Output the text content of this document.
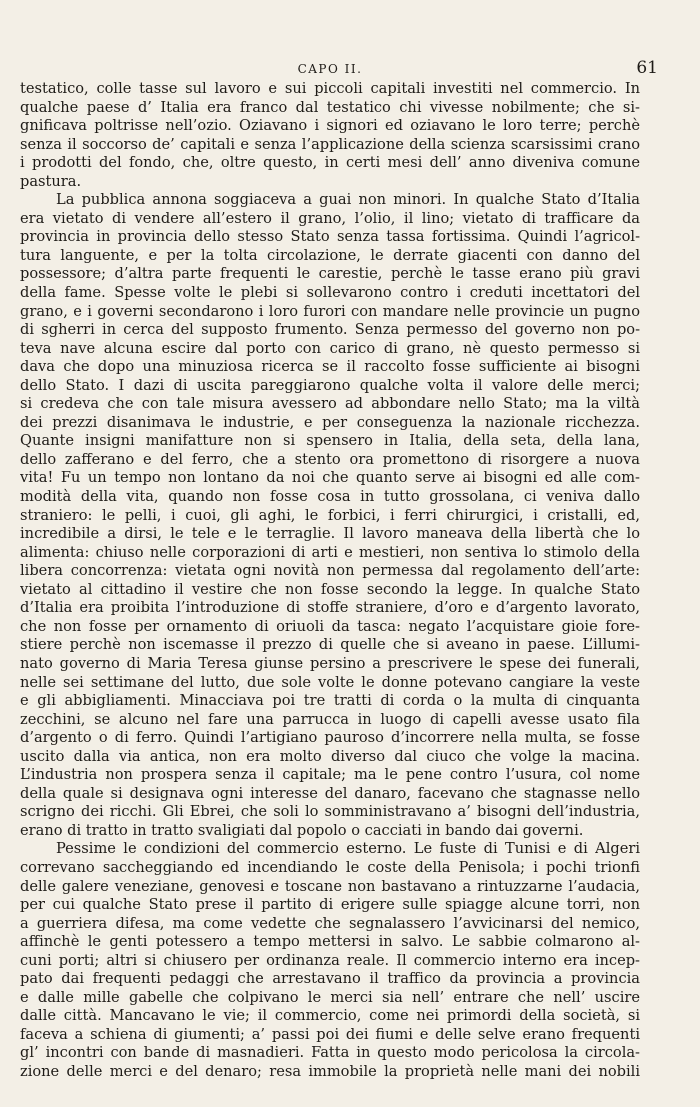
CAPO II.	61
testatico, colle tasse sul lavoro e sui piccoli capitali investiti nel commercio. In
qualche paese d’ Italia era franco dal testatico chi vivesse nobilmente; che si-
gnificava poltrisse nell’ozio. Oziavano i signori ed oziavano le loro terre; perchè
senza il soccorso de’ capitali e senza l’applicazione della scienza scarsissimi crano
i prodotti del fondo, che, oltre questo, in certi mesi dell’ anno diveniva comune
pastura.
La pubblica annona soggiaceva a guai non minori. In qualche Stato d’Italia
era vietato di vendere all’estero il grano, l’olio, il lino; vietato di trafficare da
provincia in provincia dello stesso Stato senza tassa fortissima. Quindi l’agricol-
tura languente, e per la tolta circolazione, le derrate giacenti con danno del
possessore; d’altra parte frequenti le carestie, perchè le tasse erano più gravi
della fame. Spesse volte le plebi si sollevarono contro i creduti incettatori del
grano, e i governi secondarono i loro furori con mandare nelle provincie un pugno
di sgherri in cerca del supposto frumento. Senza permesso del governo non po-
teva nave alcuna escire dal porto con carico di grano, nè questo permesso si
dava che dopo una minuziosa ricerca se il raccolto fosse sufficiente ai bisogni
dello Stato. I dazi di uscita pareggiarono qualche volta il valore delle merci;
si credeva che con tale misura avessero ad abbondare nello Stato; ma la viltà
dei prezzi disanimava le industrie, e per conseguenza la nazionale ricchezza.
Quante insigni manifatture non si spensero in Italia, della seta, della lana,
dello zafferano e del ferro, che a stento ora promettono di risorgere a nuova
vita! Fu un tempo non lontano da noi che quanto serve ai bisogni ed alle com-
modità della vita, quando non fosse cosa in tutto grossolana, ci veniva dallo
straniero: le pelli, i cuoi, gli aghi, le forbici, i ferri chirurgici, i cristalli, ed,
incredibile a dirsi, le tele e le terraglie. Il lavoro maneava della libertà che lo
alimenta: chiuso nelle corporazioni di arti e mestieri, non sentiva lo stimolo della
libera concorrenza: vietata ogni novità non permessa dal regolamento dell’arte:
vietato al cittadino il vestire che non fosse secondo la legge. In qualche Stato
d’Italia era proibita l’introduzione di stoffe straniere, d’oro e d’argento lavorato,
che non fosse per ornamento di oriuoli da tasca: negato l’acquistare gioie fore-
stiere perchè non iscemasse il prezzo di quelle che si aveano in paese. L’illumi-
nato governo di Maria Teresa giunse persino a prescrivere le spese dei funerali,
nelle sei settimane del lutto, due sole volte le donne potevano cangiare la veste
e gli abbigliamenti. Minacciava poi tre tratti di corda o la multa di cinquanta
zecchini, se alcuno nel fare una parrucca in luogo di capelli avesse usato fila
d’argento o di ferro. Quindi l’artigiano pauroso d’incorrere nella multa, se fosse
uscito dalla via antica, non era molto diverso dal ciuco che volge la macina.
L’industria non prospera senza il capitale; ma le pene contro l’usura, col nome
della quale si designava ogni interesse del danaro, facevano che stagnasse nello
scrigno dei ricchi. Gli Ebrei, che soli lo somministravano a’ bisogni dell’industria,
erano di tratto in tratto svaligiati dal popolo o cacciati in bando dai governi.
Pessime le condizioni del commercio esterno. Le fuste di Tunisi e di Algeri
correvano saccheggiando ed incendiando le coste della Penisola; i pochi trionfi
delle galere veneziane, genovesi e toscane non bastavano a rintuzzarne l’audacia,
per cui qualche Stato prese il partito di erigere sulle spiagge alcune torri, non
a guerriera difesa, ma come vedette che segnalassero l’avvicinarsi del nemico,
affinchè le genti potessero a tempo mettersi in salvo. Le sabbie colmarono al-
cuni porti; altri si chiusero per ordinanza reale. Il commercio interno era incep-
pato dai frequenti pedaggi che arrestavano il traffico da provincia a provincia
e dalle mille gabelle che colpivano le merci sia nell’ entrare che nell’ uscire
dalle città. Mancavano le vie; il commercio, come nei primordi della società, si
faceva a schiena di giumenti; a’ passi poi dei fiumi e delle selve erano frequenti
gl’ incontri con bande di masnadieri. Fatta in questo modo pericolosa la circola-
zione delle merci e del denaro; resa immobile la proprietà nelle mani dei nobili
